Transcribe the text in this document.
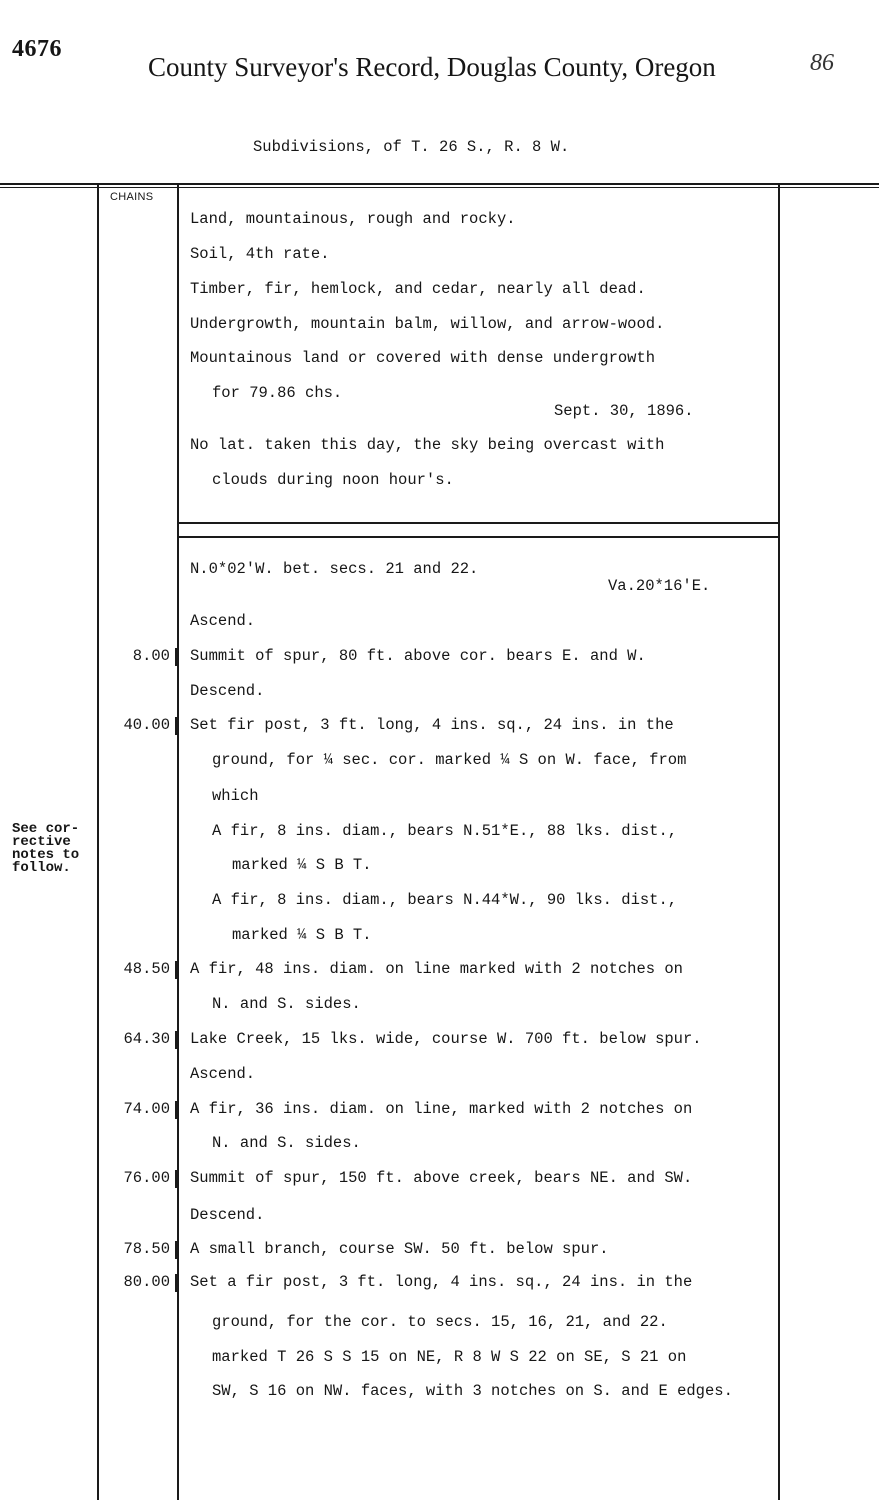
4676
County Surveyor's Record, Douglas County, Oregon	86
Subdivisions, of T. 26 S., R. 8 W.
CHAINS
Land, mountainous, rough and rocky.
Soil, 4th rate.
Timber, fir, hemlock, and cedar, nearly all dead.
Undergrowth, mountain balm, willow, and arrow-wood.
Mountainous land or covered with dense undergrowth
for 79.86 chs.
Sept. 30, 1896.
No lat. taken this day, the sky being overcast with
clouds during noon hour's.
N.0*02'W. bet. secs. 21 and 22.
Va.20*16'E.
Ascend.
Summit of spur, 80 ft. above cor. bears E. and W.
Descend.
Set fir post, 3 ft. long, 4 ins. sq., 24 ins. in the
ground, for ¼ sec. cor. marked ¼ S on W. face, from
which
A fir, 8 ins. diam., bears N.51*E., 88 lks. dist.,
marked ¼ S B T.
A fir, 8 ins. diam., bears N.44*W., 90 lks. dist.,
marked ¼ S B T.
A fir, 48 ins. diam. on line marked with 2 notches on
N. and S. sides.
Lake Creek, 15 lks. wide, course W. 700 ft. below spur.
Ascend.
A fir, 36 ins. diam. on line, marked with 2 notches on
N. and S. sides.
Summit of spur, 150 ft. above creek, bears NE. and SW.
Descend.
A small branch, course SW. 50 ft. below spur.
Set a fir post, 3 ft. long, 4 ins. sq., 24 ins. in the
ground, for the cor. to secs. 15, 16, 21, and 22.
marked T 26 S S 15 on NE, R 8 W S 22 on SE, S 21 on
SW, S 16 on NW. faces, with 3 notches on S. and E edges.
8.00
40.00
48.50
64.30
74.00
76.00
78.50
80.00
See cor-
rective
notes to
follow.
